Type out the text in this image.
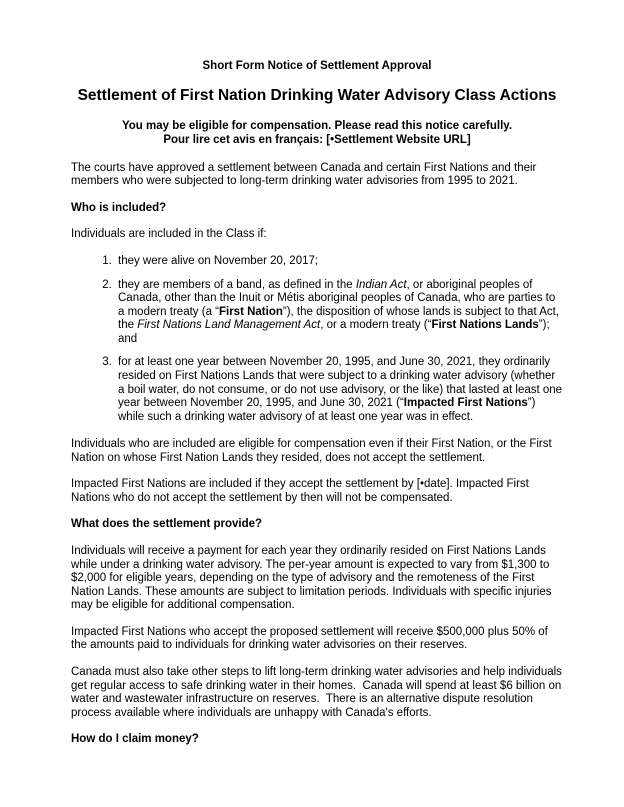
Short Form Notice of Settlement Approval

Settlement of First Nation Drinking Water Advisory Class Actions
You may be eligible for compensation. Please read this notice carefully.
Pour lire cet avis en français: [•Settlement Website URL]

The courts have approved a settlement between Canada and certain First Nations and their members who were subjected to long-term drinking water advisories from 1995 to 2021.

Who is included?

Individuals are included in the Class if:

1. they were alive on November 20, 2017;
2. they are members of a band, as defined in the Indian Act, or aboriginal peoples of Canada, other than the Inuit or Métis aboriginal peoples of Canada, who are parties to a modern treaty (a “First Nation”), the disposition of whose lands is subject to that Act, the First Nations Land Management Act, or a modern treaty (“First Nations Lands”); and
3. for at least one year between November 20, 1995, and June 30, 2021, they ordinarily resided on First Nations Lands that were subject to a drinking water advisory (whether a boil water, do not consume, or do not use advisory, or the like) that lasted at least one year between November 20, 1995, and June 30, 2021 (“Impacted First Nations”) while such a drinking water advisory of at least one year was in effect.

Individuals who are included are eligible for compensation even if their First Nation, or the First Nation on whose First Nation Lands they resided, does not accept the settlement.

Impacted First Nations are included if they accept the settlement by [•date]. Impacted First Nations who do not accept the settlement by then will not be compensated.

What does the settlement provide?

Individuals will receive a payment for each year they ordinarily resided on First Nations Lands while under a drinking water advisory. The per-year amount is expected to vary from $1,300 to $2,000 for eligible years, depending on the type of advisory and the remoteness of the First Nation Lands. These amounts are subject to limitation periods. Individuals with specific injuries may be eligible for additional compensation.

Impacted First Nations who accept the proposed settlement will receive $500,000 plus 50% of the amounts paid to individuals for drinking water advisories on their reserves.

Canada must also take other steps to lift long-term drinking water advisories and help individuals get regular access to safe drinking water in their homes.  Canada will spend at least $6 billion on water and wastewater infrastructure on reserves.  There is an alternative dispute resolution process available where individuals are unhappy with Canada's efforts.

How do I claim money?
